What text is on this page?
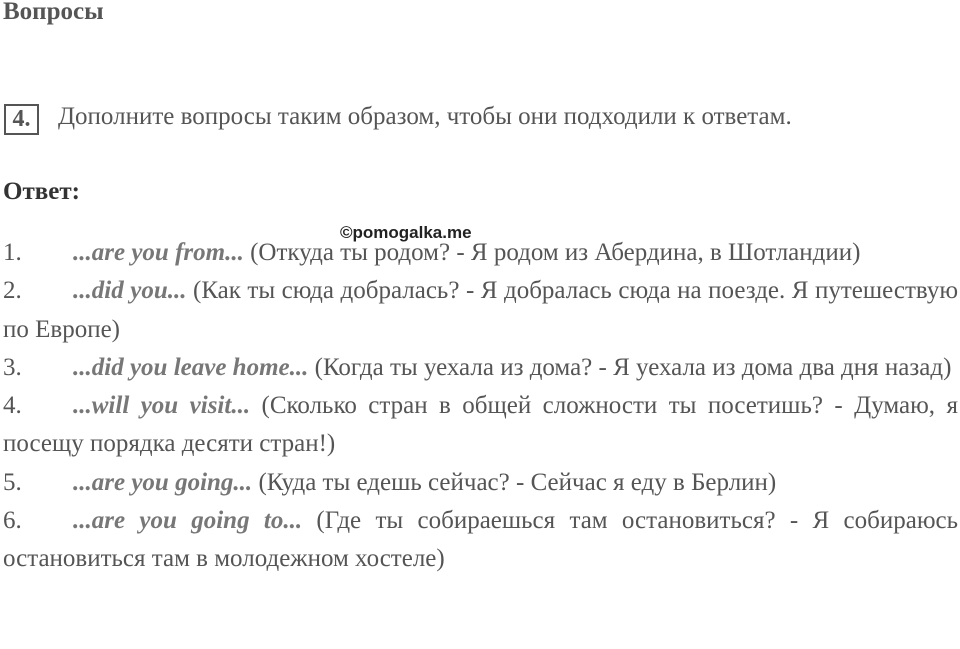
Вопросы
4.	Дополните вопросы таким образом, чтобы они подходили к ответам.
Ответ:
©pomogalka.me
1. ...are you from... (Откуда ты родом? - Я родом из Абердина, в Шотландии)
2. ...did you... (Как ты сюда добралась? - Я добралась сюда на поезде. Я путешествую по Европе)
3. ...did you leave home... (Когда ты уехала из дома? - Я уехала из дома два дня назад)
4. ...will you visit... (Сколько стран в общей сложности ты посетишь? - Думаю, я посещу порядка десяти стран!)
5. ...are you going... (Куда ты едешь сейчас? - Сейчас я еду в Берлин)
6. ...are you going to... (Где ты собираешься там остановиться? - Я собираюсь остановиться там в молодежном хостеле)
